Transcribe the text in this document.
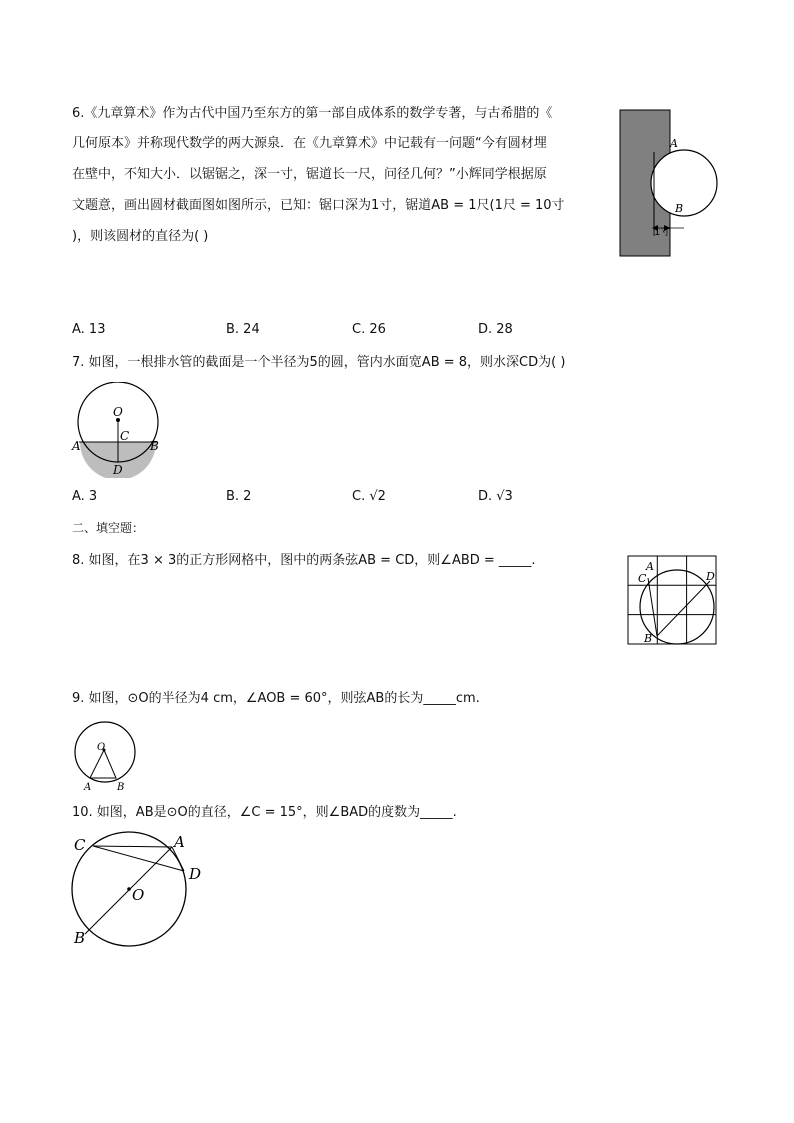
6.《九章算术》作为古代中国乃至东方的第一部自成体系的数学专著，与古希腊的《
几何原本》并称现代数学的两大源泉．在《九章算术》中记载有一问题“今有圆材埋
在壁中，不知大小．以锯锯之，深一寸，锯道长一尺，问径几何？”小辉同学根据原
文题意，画出圆材截面图如图所示，已知：锯口深为1寸，锯道AB = 1尺(1尺 = 10寸
)，则该圆材的直径为( )
A
B
1寸
A. 13	B. 24	C. 26	D. 28
7. 如图，一根排水管的截面是一个半径为5的圆，管内水面宽AB = 8，则水深CD为( )
O
C
A	B
D
A. 3	B. 2	C. √2	D. √3
二、填空题：
8. 如图，在3 × 3的正方形网格中，图中的两条弦AB = CD，则∠ABD = _____.	A
C	D
B
9. 如图，⊙O的半径为4 cm，∠AOB = 60°，则弦AB的长为_____cm.
O
A	B
10. 如图，AB是⊙O的直径，∠C = 15°，则∠BAD的度数为_____.
C	A
D
O
B
